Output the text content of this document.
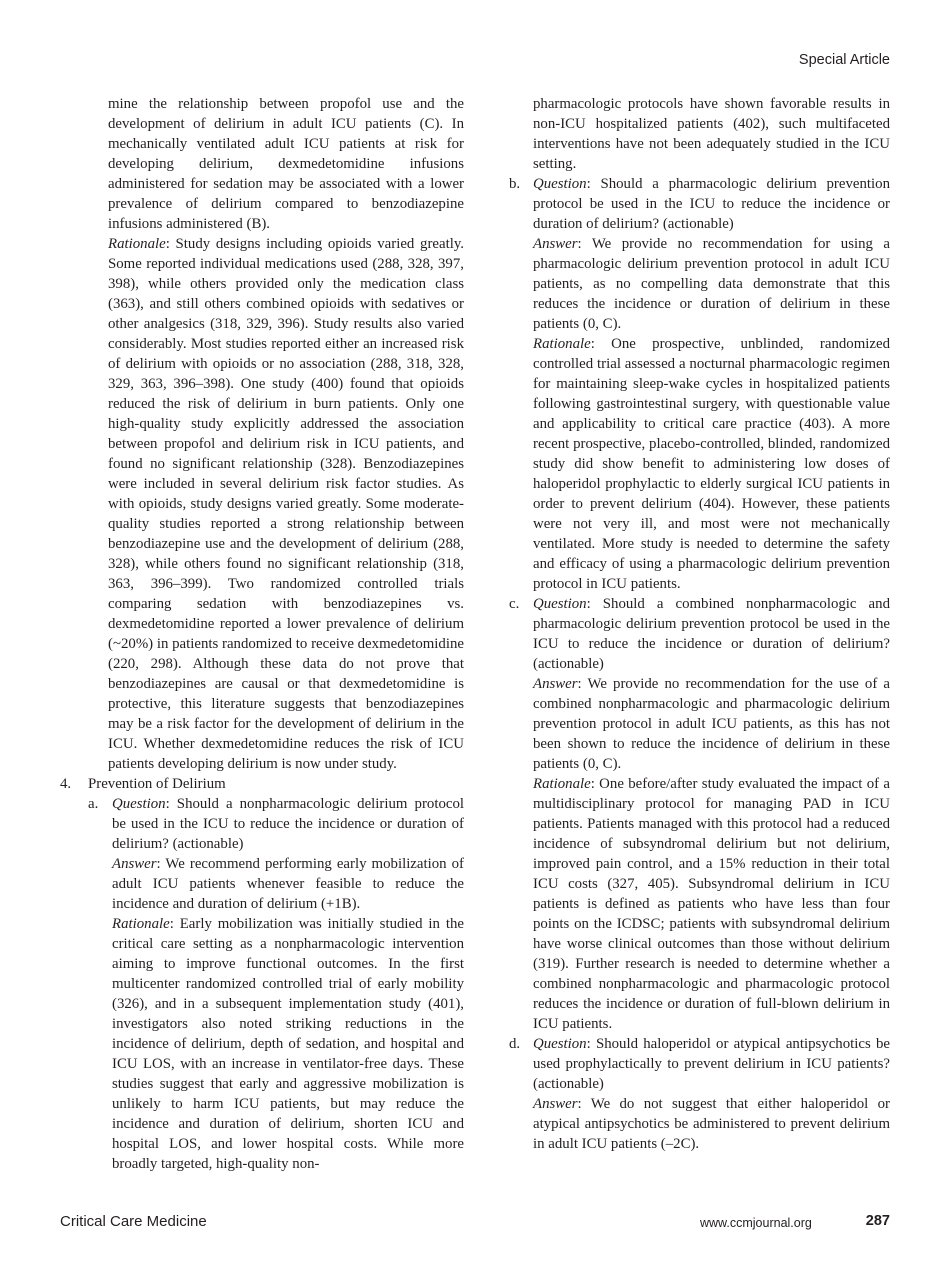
Special Article

mine the relationship between propofol use and the development of delirium in adult ICU patients (C). In mechanically ventilated adult ICU patients at risk for developing delirium, dexmedetomidine infusions administered for sedation may be associated with a lower prevalence of delirium compared to benzodiazepine infusions administered (B).

Rationale: Study designs including opioids varied greatly. Some reported individual medications used (288, 328, 397, 398), while others provided only the medication class (363), and still others combined opioids with sedatives or other analgesics (318, 329, 396). Study results also varied considerably. Most studies reported either an increased risk of delirium with opioids or no association (288, 318, 328, 329, 363, 396–398). One study (400) found that opioids reduced the risk of delirium in burn patients. Only one high-quality study explicitly addressed the association between propofol and delirium risk in ICU patients, and found no significant relationship (328). Benzodiazepines were included in several delirium risk factor studies. As with opioids, study designs varied greatly. Some moderate-quality studies reported a strong relationship between benzodiazepine use and the development of delirium (288, 328), while others found no significant relationship (318, 363, 396–399). Two randomized controlled trials comparing sedation with benzodiazepines vs. dexmedetomidine reported a lower prevalence of delirium (~20%) in patients randomized to receive dexmedetomidine (220, 298). Although these data do not prove that benzodiazepines are causal or that dexmedetomidine is protective, this literature suggests that benzodiazepines may be a risk factor for the development of delirium in the ICU. Whether dexmedetomidine reduces the risk of ICU patients developing delirium is now under study.

4. Prevention of Delirium

a. Question: Should a nonpharmacologic delirium protocol be used in the ICU to reduce the incidence or duration of delirium? (actionable)

Answer: We recommend performing early mobilization of adult ICU patients whenever feasible to reduce the incidence and duration of delirium (+1B).

Rationale: Early mobilization was initially studied in the critical care setting as a nonpharmacologic intervention aiming to improve functional outcomes. In the first multicenter randomized controlled trial of early mobility (326), and in a subsequent implementation study (401), investigators also noted striking reductions in the incidence of delirium, depth of sedation, and hospital and ICU LOS, with an increase in ventilator-free days. These studies suggest that early and aggressive mobilization is unlikely to harm ICU patients, but may reduce the incidence and duration of delirium, shorten ICU and hospital LOS, and lower hospital costs. While more broadly targeted, high-quality non-

pharmacologic protocols have shown favorable results in non-ICU hospitalized patients (402), such multifaceted interventions have not been adequately studied in the ICU setting.

b. Question: Should a pharmacologic delirium prevention protocol be used in the ICU to reduce the incidence or duration of delirium? (actionable)

Answer: We provide no recommendation for using a pharmacologic delirium prevention protocol in adult ICU patients, as no compelling data demonstrate that this reduces the incidence or duration of delirium in these patients (0, C).

Rationale: One prospective, unblinded, randomized controlled trial assessed a nocturnal pharmacologic regimen for maintaining sleep-wake cycles in hospitalized patients following gastrointestinal surgery, with questionable value and applicability to critical care practice (403). A more recent prospective, placebo-controlled, blinded, randomized study did show benefit to administering low doses of haloperidol prophylactic to elderly surgical ICU patients in order to prevent delirium (404). However, these patients were not very ill, and most were not mechanically ventilated. More study is needed to determine the safety and efficacy of using a pharmacologic delirium prevention protocol in ICU patients.

c. Question: Should a combined nonpharmacologic and pharmacologic delirium prevention protocol be used in the ICU to reduce the incidence or duration of delirium? (actionable)

Answer: We provide no recommendation for the use of a combined nonpharmacologic and pharmacologic delirium prevention protocol in adult ICU patients, as this has not been shown to reduce the incidence of delirium in these patients (0, C).

Rationale: One before/after study evaluated the impact of a multidisciplinary protocol for managing PAD in ICU patients. Patients managed with this protocol had a reduced incidence of subsyndromal delirium but not delirium, improved pain control, and a 15% reduction in their total ICU costs (327, 405). Subsyndromal delirium in ICU patients is defined as patients who have less than four points on the ICDSC; patients with subsyndromal delirium have worse clinical outcomes than those without delirium (319). Further research is needed to determine whether a combined nonpharmacologic and pharmacologic protocol reduces the incidence or duration of full-blown delirium in ICU patients.

d. Question: Should haloperidol or atypical antipsychotics be used prophylactically to prevent delirium in ICU patients? (actionable)

Answer: We do not suggest that either haloperidol or atypical antipsychotics be administered to prevent delirium in adult ICU patients (–2C).

Critical Care Medicine	www.ccmjournal.org	287
